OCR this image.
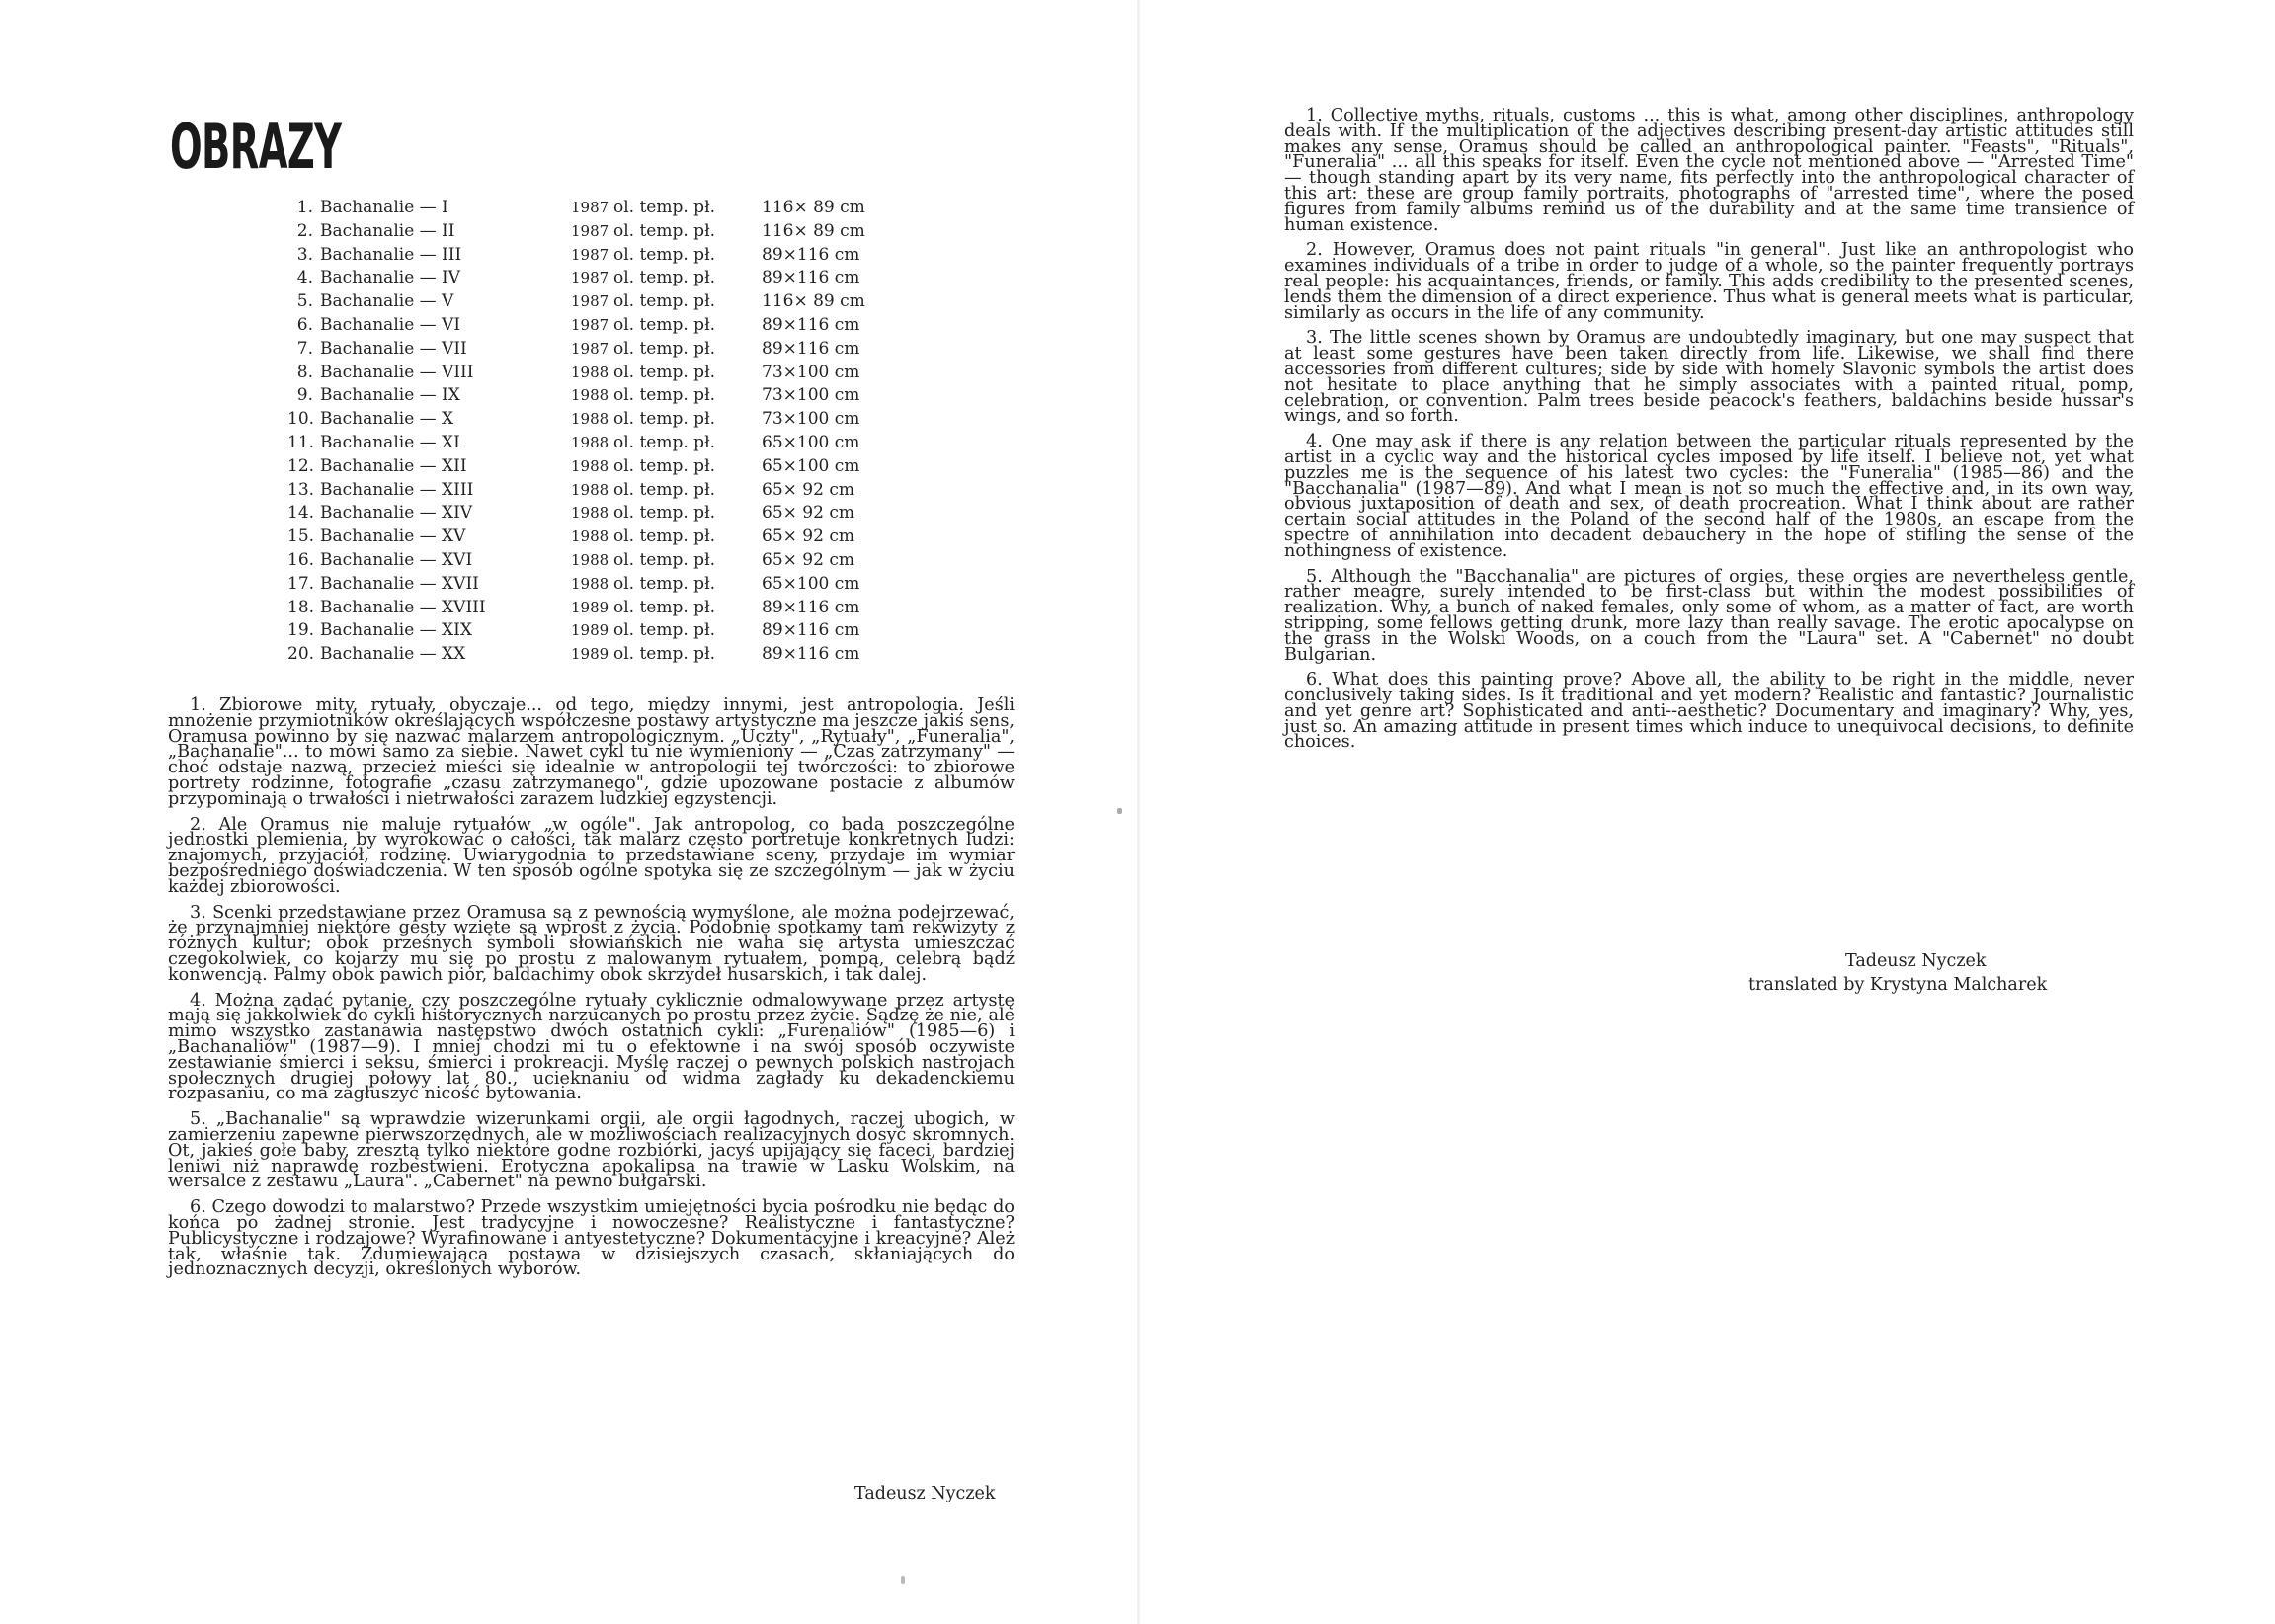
OBRAZY
1. Bachanalie — I	1987 ol. temp. pł.	116× 89 cm
2. Bachanalie — II	1987 ol. temp. pł.	116× 89 cm
3. Bachanalie — III	1987 ol. temp. pł.	89×116 cm
4. Bachanalie — IV	1987 ol. temp. pł.	89×116 cm
5. Bachanalie — V	1987 ol. temp. pł.	116× 89 cm
6. Bachanalie — VI	1987 ol. temp. pł.	89×116 cm
7. Bachanalie — VII	1987 ol. temp. pł.	89×116 cm
8. Bachanalie — VIII	1988 ol. temp. pł.	73×100 cm
9. Bachanalie — IX	1988 ol. temp. pł.	73×100 cm
10. Bachanalie — X	1988 ol. temp. pł.	73×100 cm
11. Bachanalie — XI	1988 ol. temp. pł.	65×100 cm
12. Bachanalie — XII	1988 ol. temp. pł.	65×100 cm
13. Bachanalie — XIII	1988 ol. temp. pł.	65× 92 cm
14. Bachanalie — XIV	1988 ol. temp. pł.	65× 92 cm
15. Bachanalie — XV	1988 ol. temp. pł.	65× 92 cm
16. Bachanalie — XVI	1988 ol. temp. pł.	65× 92 cm
17. Bachanalie — XVII	1988 ol. temp. pł.	65×100 cm
18. Bachanalie — XVIII	1989 ol. temp. pł.	89×116 cm
19. Bachanalie — XIX	1989 ol. temp. pł.	89×116 cm
20. Bachanalie — XX	1989 ol. temp. pł.	89×116 cm

1. Zbiorowe mity, rytuały, obyczaje... od tego, między innymi, jest antropologia. Jeśli mnożenie przymiotników określających współczesne postawy artystyczne ma jeszcze jakiś sens, Oramusa powinno by się nazwać malarzem antropologicznym. „Uczty", „Rytuały", „Funeralia", „Bachanalie"... to mówi samo za siebie. Nawet cykl tu nie wymieniony — „Czas zatrzymany" — choć odstaje nazwą, przecież mieści się idealnie w antropologii tej twórczości: to zbiorowe portrety rodzinne, fotografie „czasu zatrzymanego", gdzie upozowane postacie z albumów przypominają o trwałości i nietrwałości zarazem ludzkiej egzystencji.

2. Ale Oramus nie maluje rytuałów „w ogóle". Jak antropolog, co bada poszczególne jednostki plemienia, by wyrokować o całości, tak malarz często portretuje konkretnych ludzi: znajomych, przyjaciół, rodzinę. Uwiarygodnia to przedstawiane sceny, przydaje im wymiar bezpośredniego doświadczenia. W ten sposób ogólne spotyka się ze szczególnym — jak w życiu każdej zbiorowości.

3. Scenki przedstawiane przez Oramusa są z pewnością wymyślone, ale można podejrzewać, że przynajmniej niektóre gesty wzięte są wprost z życia. Podobnie spotkamy tam rekwizyty z różnych kultur; obok prześnych symboli słowiańskich nie waha się artysta umieszczać czegokolwiek, co kojarzy mu się po prostu z malowanym rytuałem, pompą, celebrą bądź konwencją. Palmy obok pawich piór, baldachimy obok skrzydeł husarskich, i tak dalej.

4. Można zadać pytanie, czy poszczególne rytuały cyklicznie odmalowywane przez artystę mają się jakkolwiek do cykli historycznych narzucanych po prostu przez życie. Sądzę że nie, ale mimo wszystko zastanawia następstwo dwóch ostatnich cykli: „Furenaliów" (1985—6) i „Bachanaliów" (1987—9). I mniej chodzi mi tu o efektowne i na swój sposób oczywiste zestawianie śmierci i seksu, śmierci i prokreacji. Myślę raczej o pewnych polskich nastrojach społecznych drugiej połowy lat 80., ucieknaniu od widma zagłady ku dekadenckiemu rozpasaniu, co ma zagłuszyć nicość bytowania.

5. „Bachanalie" są wprawdzie wizerunkami orgii, ale orgii łagodnych, raczej ubogich, w zamierzeniu zapewne pierwszorzędnych, ale w możliwościach realizacyjnych dosyć skromnych. Ot, jakieś gołe baby, zresztą tylko niektóre godne rozbiórki, jacyś upijający się faceci, bardziej leniwi niż naprawdę rozbestwieni. Erotyczna apokalipsa na trawie w Lasku Wolskim, na wersalce z zestawu „Laura". „Cabernet" na pewno bułgarski.

6. Czego dowodzi to malarstwo? Przede wszystkim umiejętności bycia pośrodku nie będąc do końca po żadnej stronie. Jest tradycyjne i nowoczesne? Realistyczne i fantastyczne? Publicystyczne i rodzajowe? Wyrafinowane i antyestetyczne? Dokumentacyjne i kreacyjne? Ależ tak, właśnie tak. Zdumiewająca postawa w dzisiejszych czasach, skłaniających do jednoznacznych decyzji, określonych wyborów.

Tadeusz Nyczek

1. Collective myths, rituals, customs ... this is what, among other disciplines, anthropology deals with. If the multiplication of the adjectives describing present-day artistic attitudes still makes any sense, Oramus should be called an anthropological painter. "Feasts", "Rituals", "Funeralia" ... all this speaks for itself. Even the cycle not mentioned above — "Arrested Time" — though standing apart by its very name, fits perfectly into the anthropological character of this art: these are group family portraits, photographs of "arrested time", where the posed figures from family albums remind us of the durability and at the same time transience of human existence.

2. However, Oramus does not paint rituals "in general". Just like an anthropologist who examines individuals of a tribe in order to judge of a whole, so the painter frequently portrays real people: his acquaintances, friends, or family. This adds credibility to the presented scenes, lends them the dimension of a direct experience. Thus what is general meets what is particular, similarly as occurs in the life of any community.

3. The little scenes shown by Oramus are undoubtedly imaginary, but one may suspect that at least some gestures have been taken directly from life. Likewise, we shall find there accessories from different cultures; side by side with homely Slavonic symbols the artist does not hesitate to place anything that he simply associates with a painted ritual, pomp, celebration, or convention. Palm trees beside peacock's feathers, baldachins beside hussar's wings, and so forth.

4. One may ask if there is any relation between the particular rituals represented by the artist in a cyclic way and the historical cycles imposed by life itself. I believe not, yet what puzzles me is the sequence of his latest two cycles: the "Funeralia" (1985—86) and the "Bacchanalia" (1987—89). And what I mean is not so much the effective and, in its own way, obvious juxtaposition of death and sex, of death procreation. What I think about are rather certain social attitudes in the Poland of the second half of the 1980s, an escape from the spectre of annihilation into decadent debauchery in the hope of stifling the sense of the nothingness of existence.

5. Although the "Bacchanalia" are pictures of orgies, these orgies are nevertheless gentle, rather meagre, surely intended to be first-class but within the modest possibilities of realization. Why, a bunch of naked females, only some of whom, as a matter of fact, are worth stripping, some fellows getting drunk, more lazy than really savage. The erotic apocalypse on the grass in the Wolski Woods, on a couch from the "Laura" set. A "Cabernet" no doubt Bulgarian.

6. What does this painting prove? Above all, the ability to be right in the middle, never conclusively taking sides. Is it traditional and yet modern? Realistic and fantastic? Journalistic and yet genre art? Sophisticated and anti--aesthetic? Documentary and imaginary? Why, yes, just so. An amazing attitude in present times which induce to unequivocal decisions, to definite choices.

Tadeusz Nyczek
translated by Krystyna Malcharek
